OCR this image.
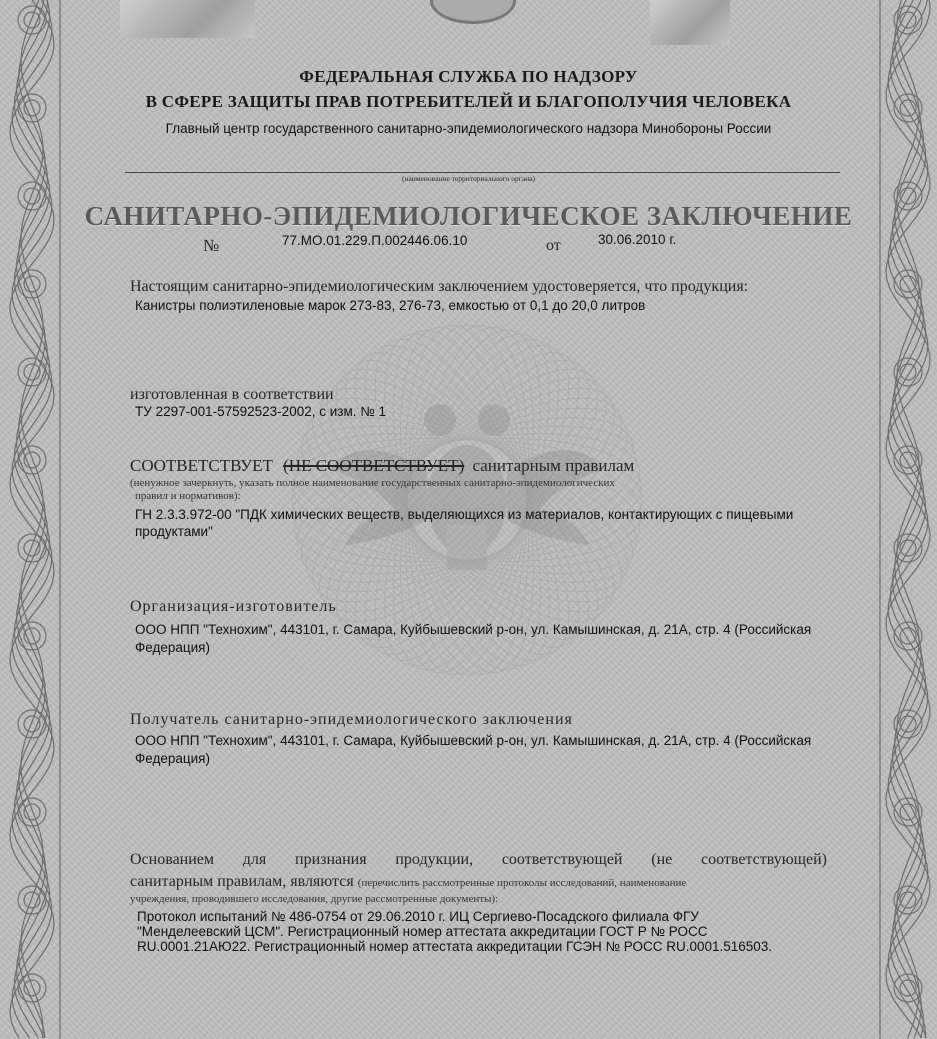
ФЕДЕРАЛЬНАЯ СЛУЖБА ПО НАДЗОРУ
В СФЕРЕ ЗАЩИТЫ ПРАВ ПОТРЕБИТЕЛЕЙ И БЛАГОПОЛУЧИЯ ЧЕЛОВЕКА
Главный центр государственного санитарно-эпидемиологического надзора Минобороны России
(наименование территориального органа)
САНИТАРНО-ЭПИДЕМИОЛОГИЧЕСКОЕ ЗАКЛЮЧЕНИЕ
№	77.МО.01.229.П.002446.06.10	от	30.06.2010 г.
Настоящим санитарно-эпидемиологическим заключением удостоверяется, что продукция:
Канистры полиэтиленовые марок 273-83, 276-73, емкостью от 0,1 до 20,0 литров
изготовленная в соответствии
ТУ 2297-001-57592523-2002, с изм. № 1
СООТВЕТСТВУЕТ (НЕ СООТВЕТСТВУЕТ) санитарным правилам
(ненужное зачеркнуть, указать полное наименование государственных санитарно-эпидемиологических
правил и нормативов):
ГН 2.3.3.972-00 "ПДК химических веществ, выделяющихся из материалов, контактирующих с пищевыми
продуктами"
Организация-изготовитель
ООО НПП "Технохим", 443101, г. Самара, Куйбышевский р-он, ул. Камышинская, д. 21А, стр. 4 (Российская
Федерация)
Получатель санитарно-эпидемиологического заключения
ООО НПП "Технохим", 443101, г. Самара, Куйбышевский р-он, ул. Камышинская, д. 21А, стр. 4 (Российская
Федерация)
Основанием для признания продукции, соответствующей (не соответствующей)
санитарным правилам, являются (перечислить рассмотренные протоколы исследований, наименование
учреждения, проводившего исследования, другие рассмотренные документы):
Протокол испытаний № 486-0754 от 29.06.2010 г. ИЦ Сергиево-Посадского филиала ФГУ
"Менделеевский ЦСМ". Регистрационный номер аттестата аккредитации ГОСТ Р № РОСС
RU.0001.21АЮ22. Регистрационный номер аттестата аккредитации ГСЭН № РОСС RU.0001.516503.
